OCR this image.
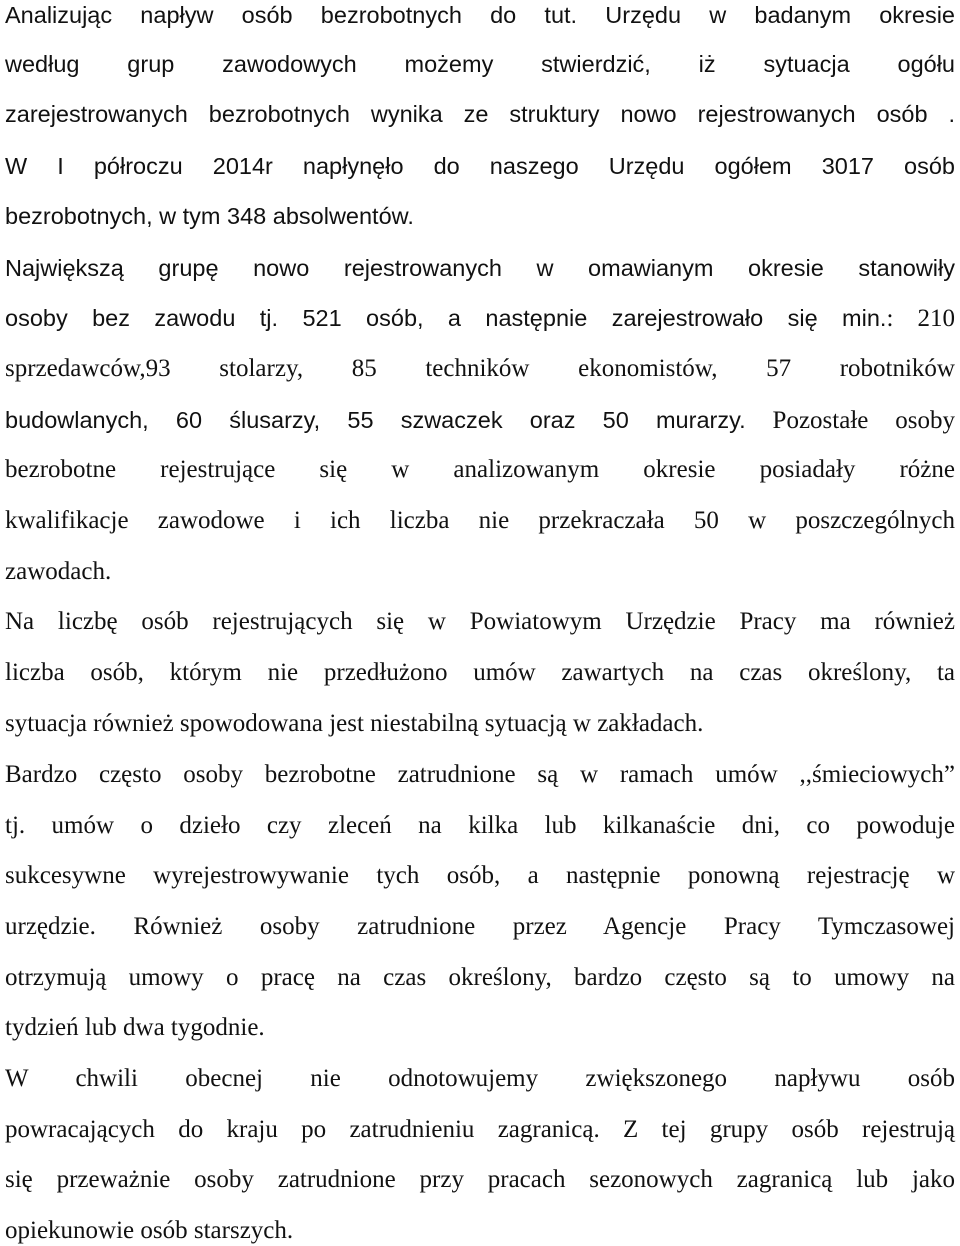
Analizując napływ osób bezrobotnych do tut. Urzędu w badanym okresie
według grup zawodowych możemy stwierdzić, iż sytuacja ogółu
zarejestrowanych bezrobotnych wynika ze struktury nowo rejestrowanych osób .
W I półroczu 2014r napłynęło do naszego Urzędu ogółem 3017 osób
bezrobotnych, w tym 348 absolwentów.
Największą grupę nowo rejestrowanych w omawianym okresie stanowiły
osoby bez zawodu tj. 521 osób, a następnie zarejestrowało się min.: 210
sprzedawców,93 stolarzy, 85 techników ekonomistów, 57 robotników
budowlanych, 60 ślusarzy, 55 szwaczek oraz 50 murarzy. Pozostałe osoby
bezrobotne rejestrujące się w analizowanym okresie posiadały różne
kwalifikacje zawodowe i ich liczba nie przekraczała 50 w poszczególnych
zawodach.
Na liczbę osób rejestrujących się w Powiatowym Urzędzie Pracy ma również
liczba osób, którym nie przedłużono umów zawartych na czas określony, ta
sytuacja również spowodowana jest niestabilną sytuacją w zakładach.
Bardzo często osoby bezrobotne zatrudnione są w ramach umów ,,śmieciowych”
tj. umów o dzieło czy zleceń na kilka lub kilkanaście dni, co powoduje
sukcesywne wyrejestrowywanie tych osób, a następnie ponowną rejestrację w
urzędzie. Również osoby zatrudnione przez Agencje Pracy Tymczasowej
otrzymują umowy o pracę na czas określony, bardzo często są to umowy na
tydzień lub dwa tygodnie.
W chwili obecnej nie odnotowujemy zwiększonego napływu osób
powracających do kraju po zatrudnieniu zagranicą. Z tej grupy osób rejestrują
się przeważnie osoby zatrudnione przy pracach sezonowych zagranicą lub jako
opiekunowie osób starszych.
